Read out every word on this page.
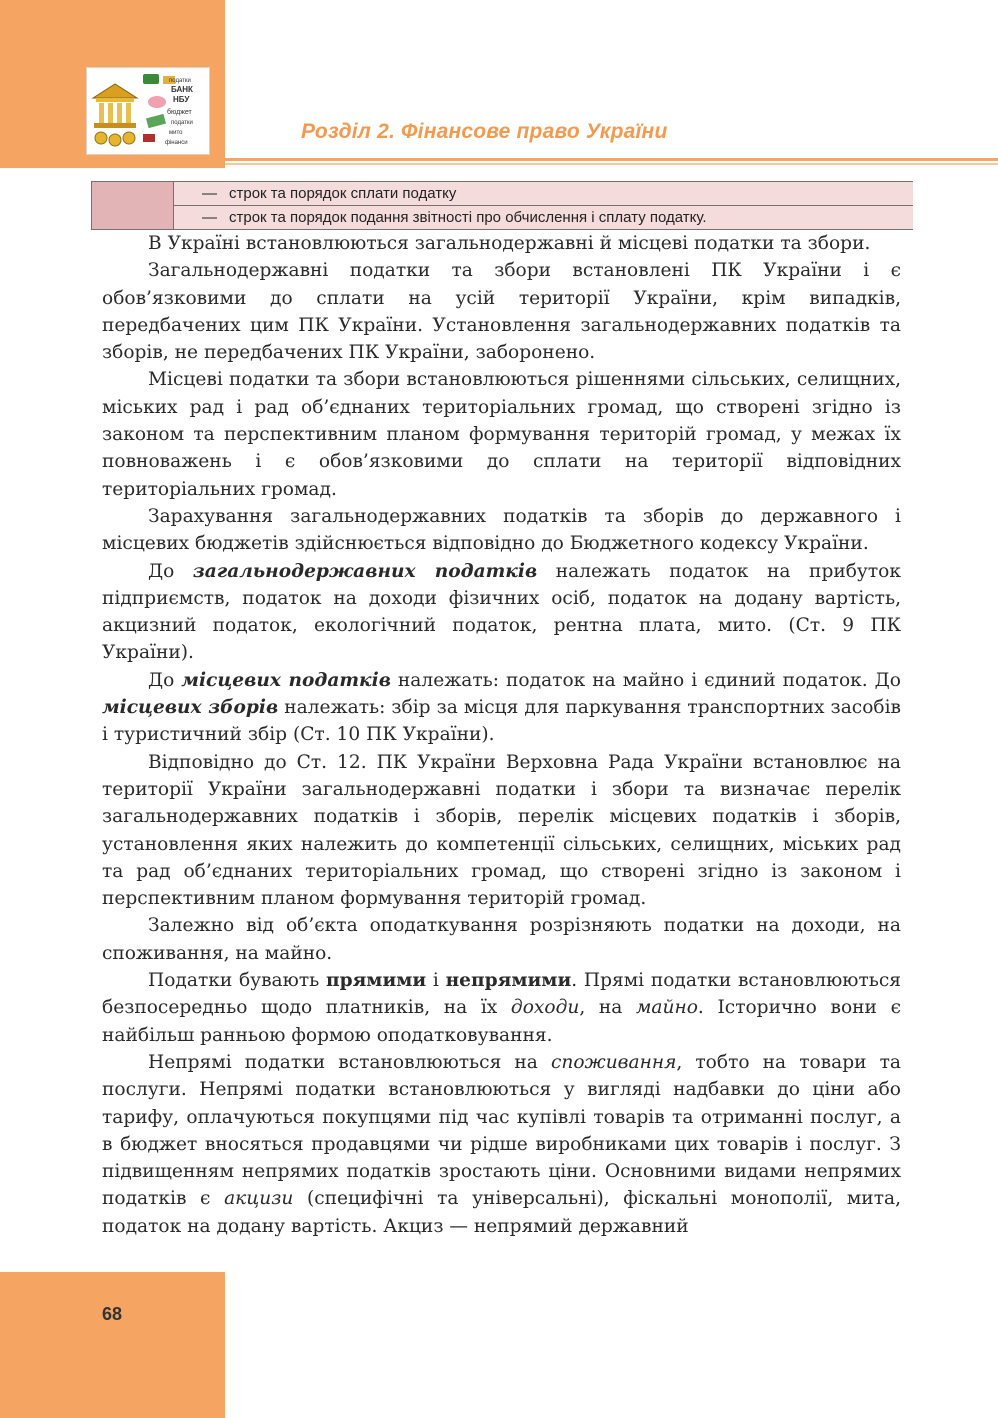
податки
БАНК
НБУ
бюджет
податки
мито
фінанси	Розділ 2. Фінансове право України
— строк та порядок сплати податку
— строк та порядок подання звітності про обчислення і сплату податку.

В Україні встановлюються загальнодержавні й місцеві податки та збори.

Загальнодержавні податки та збори встановлені ПК України і є обов’язковими до сплати на усій території України, крім випадків, передбачених цим ПК України. Установлення загальнодержавних податків та зборів, не передбачених ПК України, заборонено.

Місцеві податки та збори встановлюються рішеннями сільських, селищних, міських рад і рад об’єднаних територіальних громад, що створені згідно із законом та перспективним планом формування територій громад, у межах їх повноважень і є обов’язковими до сплати на території відповідних територіальних громад.

Зарахування загальнодержавних податків та зборів до державного і місцевих бюджетів здійснюється відповідно до Бюджетного кодексу України.

До загальнодержавних податків належать податок на прибуток підприємств, податок на доходи фізичних осіб, податок на додану вартість, акцизний податок, екологічний податок, рентна плата, мито. (Ст. 9 ПК України).

До місцевих податків належать: податок на майно і єдиний податок. До місцевих зборів належать: збір за місця для паркування транспортних засобів і туристичний збір (Ст. 10 ПК України).

Відповідно до Ст. 12. ПК України Верховна Рада України встановлює на території України загальнодержавні податки і збори та визначає перелік загальнодержавних податків і зборів, перелік місцевих податків і зборів, установлення яких належить до компетенції сільських, селищних, міських рад та рад об’єднаних територіальних громад, що створені згідно із законом і перспективним планом формування територій громад.

Залежно від об’єкта оподаткування розрізняють податки на доходи, на споживання, на майно.

Податки бувають прямими і непрямими. Прямі податки встановлюються безпосередньо щодо платників, на їх доходи, на майно. Історично вони є найбільш ранньою формою оподатковування.

Непрямі податки встановлюються на споживання, тобто на товари та послуги. Непрямі податки встановлюються у вигляді надбавки до ціни або тарифу, оплачуються покупцями під час купівлі товарів та отриманні послуг, а в бюджет вносяться продавцями чи рідше виробниками цих товарів і послуг. З підвищенням непрямих податків зростають ціни. Основними видами непрямих податків є акцизи (специфічні та універсальні), фіскальні монополії, мита, податок на додану вартість. Акциз — непрямий державний

68
